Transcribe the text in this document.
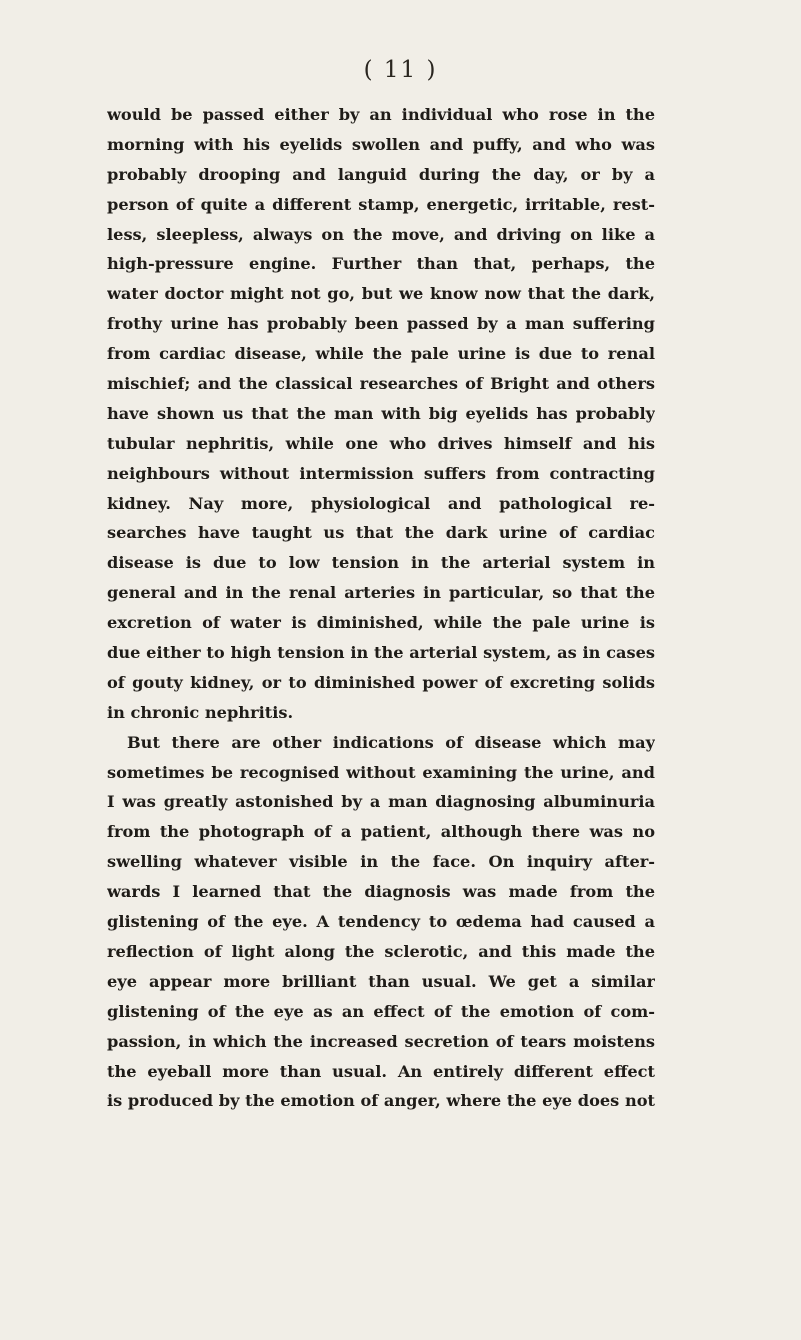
( 11 )
would be passed either by an individual who rose in the
morning with his eyelids swollen and puffy, and who was
probably drooping and languid during the day, or by a
person of quite a different stamp, energetic, irritable, rest-
less, sleepless, always on the move, and driving on like a
high-pressure engine. Further than that, perhaps, the
water doctor might not go, but we know now that the dark,
frothy urine has probably been passed by a man suffering
from cardiac disease, while the pale urine is due to renal
mischief; and the classical researches of Bright and others
have shown us that the man with big eyelids has probably
tubular nephritis, while one who drives himself and his
neighbours without intermission suffers from contracting
kidney. Nay more, physiological and pathological re-
searches have taught us that the dark urine of cardiac
disease is due to low tension in the arterial system in
general and in the renal arteries in particular, so that the
excretion of water is diminished, while the pale urine is
due either to high tension in the arterial system, as in cases
of gouty kidney, or to diminished power of excreting solids
in chronic nephritis.
But there are other indications of disease which may
sometimes be recognised without examining the urine, and
I was greatly astonished by a man diagnosing albuminuria
from the photograph of a patient, although there was no
swelling whatever visible in the face. On inquiry after-
wards I learned that the diagnosis was made from the
glistening of the eye. A tendency to œdema had caused a
reflection of light along the sclerotic, and this made the
eye appear more brilliant than usual. We get a similar
glistening of the eye as an effect of the emotion of com-
passion, in which the increased secretion of tears moistens
the eyeball more than usual. An entirely different effect
is produced by the emotion of anger, where the eye does not
